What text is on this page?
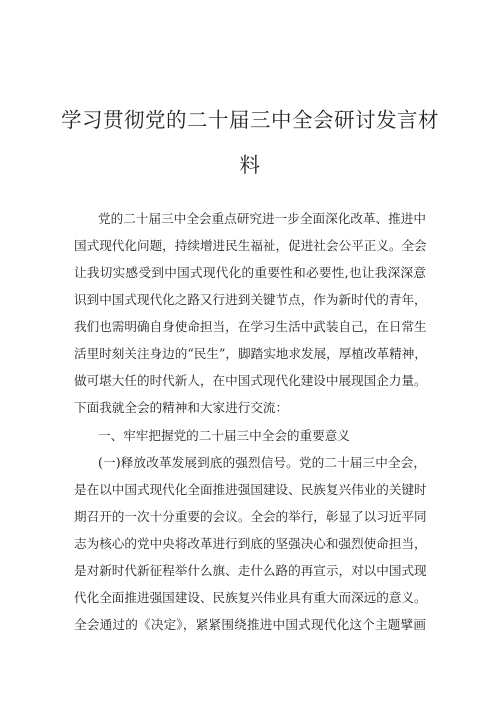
学习贯彻党的二十届三中全会研讨发言材
料
党的二十届三中全会重点研究进一步全面深化改革、推进中
国式现代化问题，持续增进民生福祉，促进社会公平正义。全会
让我切实感受到中国式现代化的重要性和必要性,也让我深深意
识到中国式现代化之路又行进到关键节点，作为新时代的青年，
我们也需明确自身使命担当，在学习生活中武装自己，在日常生
活里时刻关注身边的“民生”，脚踏实地求发展，厚植改革精神，
做可堪大任的时代新人，在中国式现代化建设中展现国企力量。
下面我就全会的精神和大家进行交流：
一、牢牢把握党的二十届三中全会的重要意义
(一)释放改革发展到底的强烈信号。党的二十届三中全会，
是在以中国式现代化全面推进强国建设、民族复兴伟业的关键时
期召开的一次十分重要的会议。全会的举行，彰显了以习近平同
志为核心的党中央将改革进行到底的坚强决心和强烈使命担当，
是对新时代新征程举什么旗、走什么路的再宣示，对以中国式现
代化全面推进强国建设、民族复兴伟业具有重大而深远的意义。
全会通过的《决定》，紧紧围绕推进中国式现代化这个主题擘画
